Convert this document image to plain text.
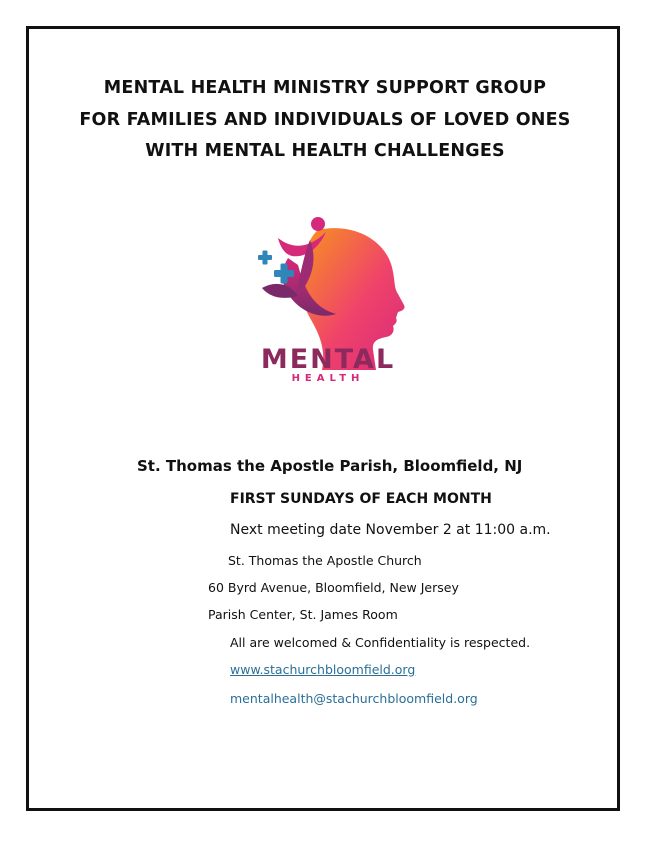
MENTAL HEALTH MINISTRY SUPPORT GROUP
FOR FAMILIES AND INDIVIDUALS OF LOVED ONES
WITH MENTAL HEALTH CHALLENGES
MENTAL
HEALTH
St. Thomas the Apostle Parish, Bloomfield, NJ
FIRST SUNDAYS OF EACH MONTH
Next meeting date November 2 at 11:00 a.m.
St. Thomas the Apostle Church
60 Byrd Avenue, Bloomfield, New Jersey
Parish Center, St. James Room
All are welcomed & Confidentiality is respected.
www.stachurchbloomfield.org
mentalhealth@stachurchbloomfield.org
